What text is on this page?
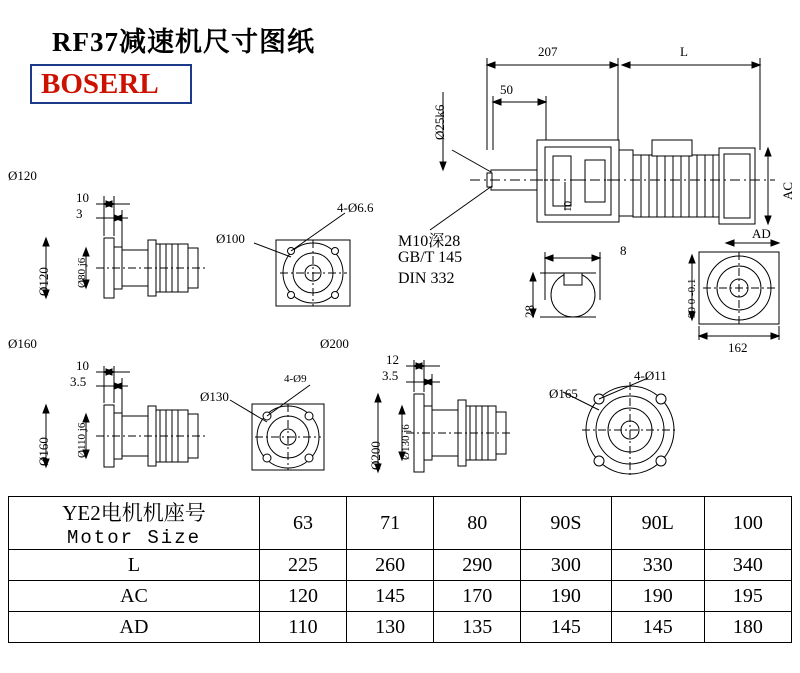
RF37减速机尺寸图纸
BOSERL
207	L
50
Ø25k6
AC
10
8
M10深28
GB/T 145
DIN 332
28
AD
162
90 0 -0.1
Ø120
10
3
Ø120 Ø80 j6
4-Ø6.6
Ø100
Ø160
10
3.5
Ø160 Ø110 j6
4-Ø9
Ø130
Ø200
12
3.5
Ø200 Ø130 j6
4-Ø11
Ø165
YE2电机机座号
Motor Size	63	71	80	90S	90L	100

L	225	260	290	300	330	340
AC	120	145	170	190	190	195
AD	110	130	135	145	145	180
